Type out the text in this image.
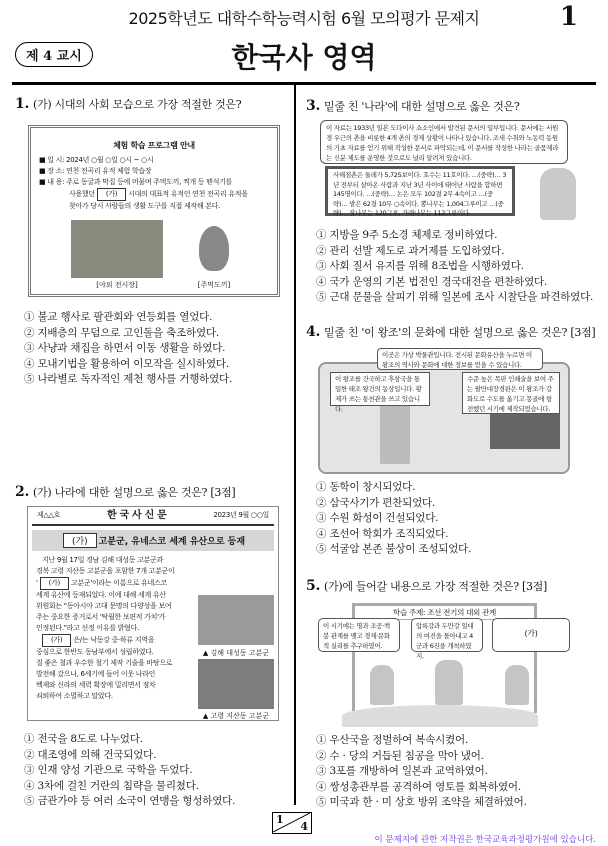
2025학년도 대학수학능력시험 6월 모의평가 문제지	1
제 4 교시	한국사 영역
1. (가) 시대의 사회 모습으로 가장 적절한 것은?
체험 학습 프로그램 안내
■ 일 시: 2024년 ○월 ○일 ○시 ~ ○시
■ 장 소: 연천 전곡리 유적 체험 학습장
■ 내 용: 주로 동굴과 막집 등에 머물며 주먹도끼, 찍개 등 뗀석기를
사용했던 (가) 시대의 대표적 유적인 연천 전곡리 유적을
찾아가 당시 사람들의 생활 도구를 직접 제작해 본다.
[야외 전시장]	[주먹도끼]
① 불교 행사로 팔관회와 연등회를 열었다.
② 지배층의 무덤으로 고인돌을 축조하였다.
③ 사냥과 채집을 하면서 이동 생활을 하였다.
④ 모내기법을 활용하여 이모작을 실시하였다.
⑤ 나라별로 독자적인 제천 행사를 거행하였다.
2. (가) 나라에 대한 설명으로 옳은 것은? [3점]
제△△호	한 국 사 신 문	2023년 9월 ○○일
(가) 고분군, 유네스코 세계 유산으로 등재
지난 9월 17일 경남 김해 대성동 고분군과
경북 고령 지산동 고분군을 포함한 7개 고분군이
' (가) 고분군'이라는 이름으로 유네스코
세계 유산에 등재되었다. 이에 대해 세계 유산
위원회는 "동아시아 고대 문명의 다양성을 보여
주는 중요한 증거로서 '탁월한 보편적 가치'가
인정된다."라고 선정 이유를 밝혔다.
(가) 은/는 낙동강 중·하류 지역을
중심으로 한반도 동남부에서 성립하였다.
질 좋은 철과 우수한 철기 제작 기술을 바탕으로
발전해 갔으나, 6세기에 들어 이웃 나라인
백제와 신라의 세력 확장에 밀리면서 점차
쇠퇴하여 소멸하고 말았다.
▲ 김해 대성동 고분군
▲ 고령 지산동 고분군
① 전국을 8도로 나누었다.
② 대조영에 의해 건국되었다.
③ 인재 양성 기관으로 국학을 두었다.
④ 3차에 걸친 거란의 침략을 물리쳤다.
⑤ 금관가야 등 여러 소국이 연맹을 형성하였다.
3. 밑줄 친 '나라'에 대한 설명으로 옳은 것은?
이 자료는 1933년 일본 도다이사 쇼소인에서 발견된 문서의 일부입니다. 문서에는 서원경 우근의 촌을 비롯한 4개 촌의 경제 상황이 나타나 있습니다. 조세 수취와 노동력 동원의 기초 자료를 얻기 위해 작성한 문서로 파악되는데, 이 문서를 작성한 나라는 골품제라는 신분 제도를 운영한 것으로도 널리 알려져 있습니다.
사해점촌은 둘레가 5,725보이다. 호수는 11호이다. …(중략)… 3년 전부터 살아온 사람과 지난 3년 사이에 태어난 사람을 합하면 145명이다. …(중략)… 논은 모두 102결 2무 4속이고 …(중략)… 밭은 62결 10무 ○속이다. 뽕나무는 1,004그루이고 …(중략)… 잣나무는 120그루, 가래나무는 112그루이다.
① 지방을 9주 5소경 체제로 정비하였다.
② 관리 선발 제도로 과거제를 도입하였다.
③ 사회 질서 유지를 위해 8조법을 시행하였다.
④ 국가 운영의 기본 법전인 경국대전을 편찬하였다.
⑤ 근대 문물을 살피기 위해 일본에 조사 시찰단을 파견하였다.
4. 밑줄 친 '이 왕조'의 문화에 대한 설명으로 옳은 것은? [3점]
이곳은 가상 박물관입니다. 전시된 문화유산을 누르면 이 왕조의 역사와 문화에 대한 정보를 얻을 수 있습니다.
이 왕조를 건국하고 후삼국을 통일한 태조 왕건의 동상입니다. 황제가 쓰는 통천관을 쓰고 있습니다.
수준 높은 목판 인쇄술을 보여 주는 팔만대장경판은 이 왕조가 강화도로 수도를 옮기고 몽골에 항전했던 시기에 제작되었습니다.
① 동학이 창시되었다.
② 삼국사기가 편찬되었다.
③ 수원 화성이 건설되었다.
④ 조선어 학회가 조직되었다.
⑤ 석굴암 본존 불상이 조성되었다.
5. (가)에 들어갈 내용으로 가장 적절한 것은? [3점]
학습 주제: 조선 전기의 대외 관계
이 시기에는 명과 조공·책봉 관계를 맺고 경제·문화적 실리를 추구하였어.
압록강과 두만강 일대의 여진을 몰아내고 4군과 6진을 개척하였지.
(가)
① 우산국을 정벌하여 복속시켰어.
② 수 · 당의 거듭된 침공을 막아 냈어.
③ 3포를 개방하여 일본과 교역하였어.
④ 쌍성총관부를 공격하여 영토를 회복하였어.
⑤ 미국과 한 · 미 상호 방위 조약을 체결하였어.
1
4
이 문제지에 관한 저작권은 한국교육과정평가원에 있습니다.
